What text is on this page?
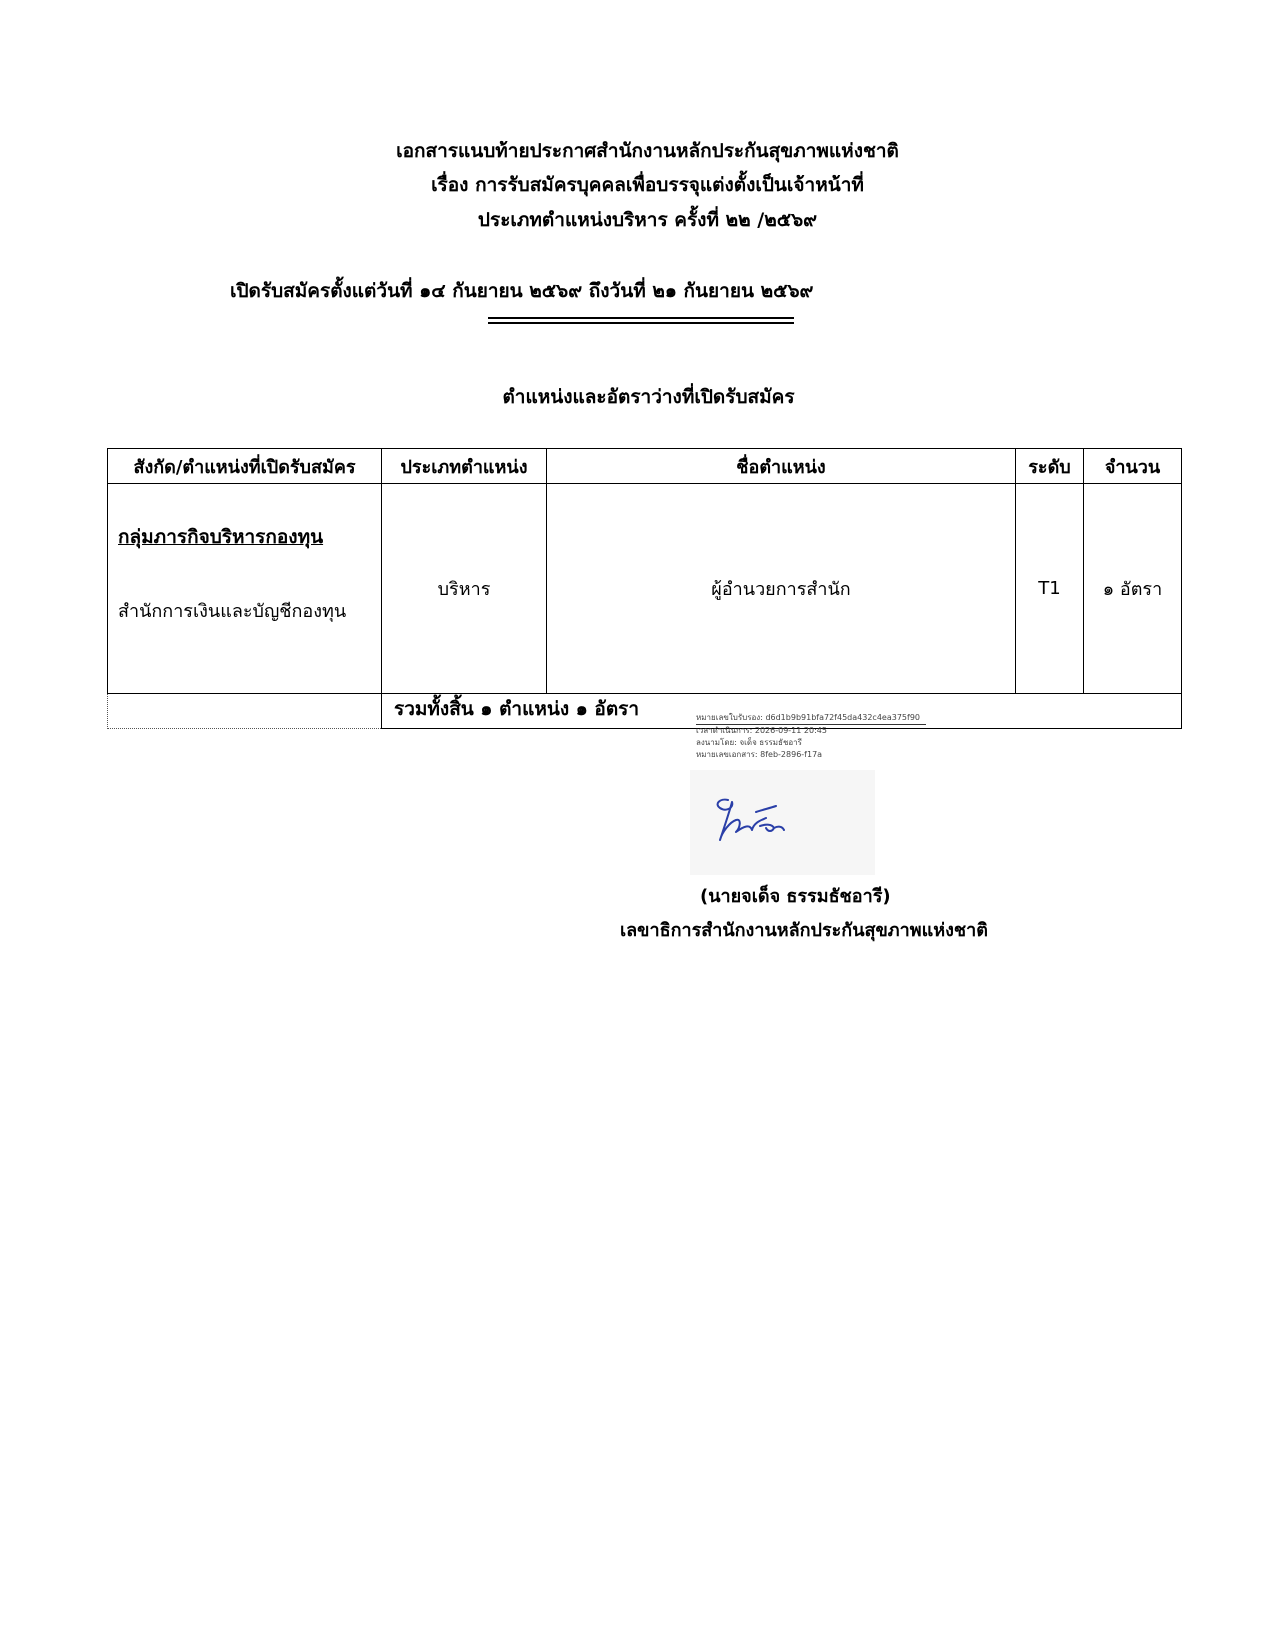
เอกสารแนบท้ายประกาศสำนักงานหลักประกันสุขภาพแห่งชาติ
เรื่อง การรับสมัครบุคคลเพื่อบรรจุแต่งตั้งเป็นเจ้าหน้าที่
ประเภทตำแหน่งบริหาร ครั้งที่ ๒๒ /๒๕๖๙
เปิดรับสมัครตั้งแต่วันที่ ๑๔ กันยายน ๒๕๖๙ ถึงวันที่ ๒๑ กันยายน ๒๕๖๙
ตำแหน่งและอัตราว่างที่เปิดรับสมัคร
สังกัด/ตำแหน่งที่เปิดรับสมัคร	ประเภทตำแหน่ง	ชื่อตำแหน่ง	ระดับ	จำนวน

กลุ่มภารกิจบริหารกองทุน
สำนักการเงินและบัญชีกองทุน	บริหาร	ผู้อำนวยการสำนัก	T1	๑ อัตรา
	รวมทั้งสิ้น ๑ ตำแหน่ง ๑ อัตรา				หมายเลขใบรับรอง: d6d1b9b91bfa72f45da432c4ea375f90
เวลาดำเนินการ: 2026-09-11 20:45
ลงนามโดย: จเด็จ ธรรมธัชอารี
หมายเลขเอกสาร: 8feb-2896-f17a
(นายจเด็จ ธรรมธัชอารี)
เลขาธิการสำนักงานหลักประกันสุขภาพแห่งชาติ
